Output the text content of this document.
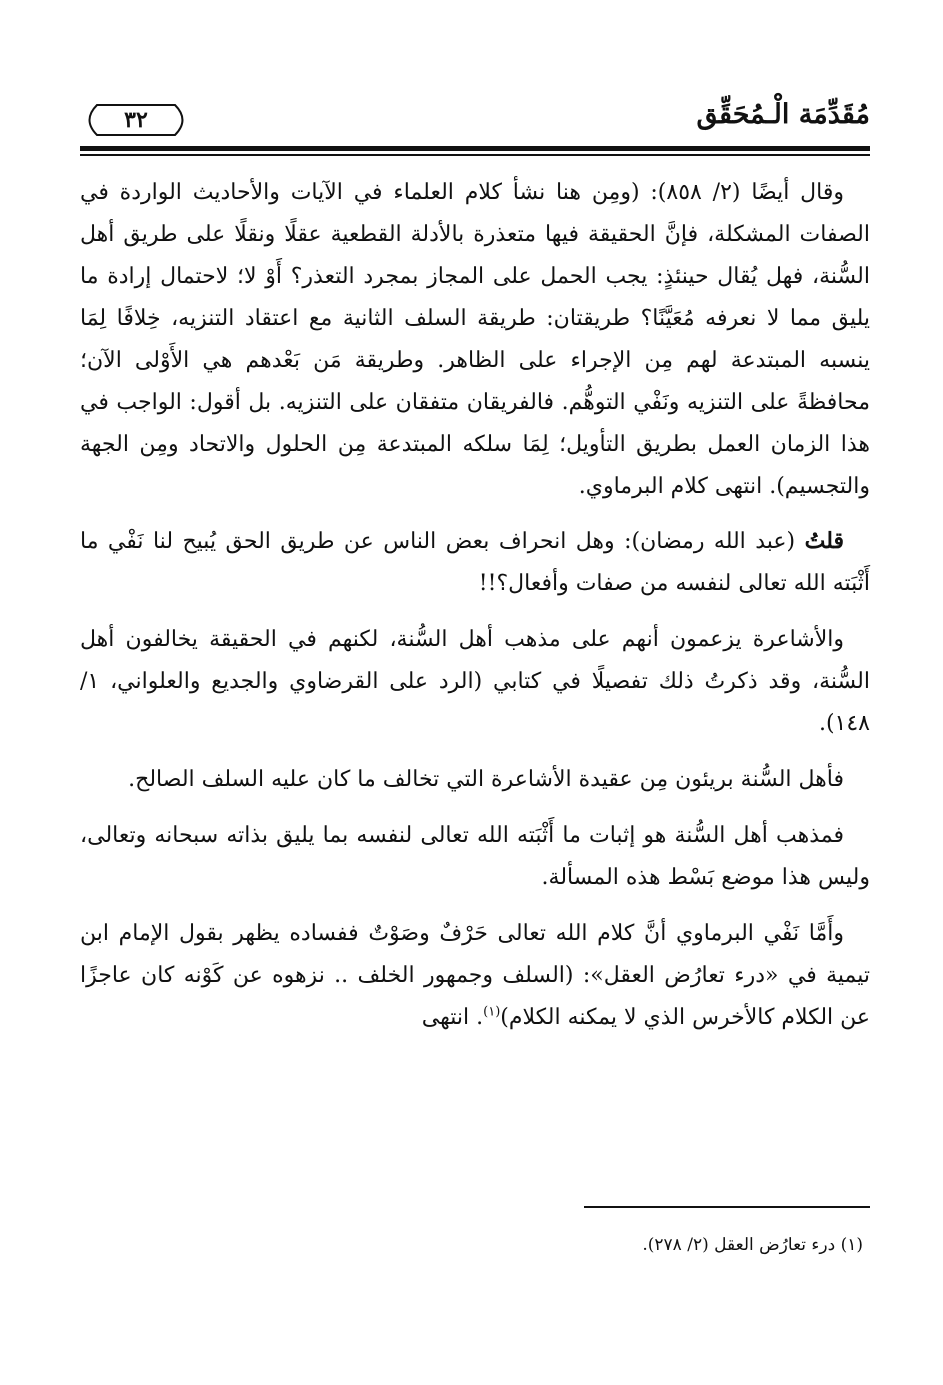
مُقَدِّمَة الْـمُحَقِّق
٣٢

وقال أيضًا (٢/ ٨٥٨): (ومِن هنا نشأ كلام العلماء في الآيات والأحاديث الواردة في الصفات المشكلة، فإنَّ الحقيقة فيها متعذرة بالأدلة القطعية عقلًا ونقلًا على طريق أهل السُّنة، فهل يُقال حينئذٍ: يجب الحمل على المجاز بمجرد التعذر؟ أَوْ لا؛ لاحتمال إرادة ما يليق مما لا نعرفه مُعَيَّنًا؟ طريقتان: طريقة السلف الثانية مع اعتقاد التنزيه، خِلافًا لِمَا ينسبه المبتدعة لهم مِن الإجراء على الظاهر. وطريقة مَن بَعْدهم هي الأَوْلى الآن؛ محافظةً على التنزيه ونَفْي التوهُّم. فالفريقان متفقان على التنزيه. بل أقول: الواجب في هذا الزمان العمل بطريق التأويل؛ لِمَا سلكه المبتدعة مِن الحلول والاتحاد ومِن الجهة والتجسيم). انتهى كلام البرماوي.

قلتُ (عبد الله رمضان): وهل انحراف بعض الناس عن طريق الحق يُبيح لنا نَفْي ما أَثْبَته الله تعالى لنفسه من صفات وأفعال؟!!

والأشاعرة يزعمون أنهم على مذهب أهل السُّنة، لكنهم في الحقيقة يخالفون أهل السُّنة، وقد ذكرتُ ذلك تفصيلًا في كتابي (الرد على القرضاوي والجديع والعلواني، ١/ ١٤٨).

فأهل السُّنة بريئون مِن عقيدة الأشاعرة التي تخالف ما كان عليه السلف الصالح.

فمذهب أهل السُّنة هو إثبات ما أَثْبَته الله تعالى لنفسه بما يليق بذاته سبحانه وتعالى، وليس هذا موضع بَسْط هذه المسألة.

وأَمَّا نَفْي البرماوي أنَّ كلام الله تعالى حَرْفٌ وصَوْتٌ ففساده يظهر بقول الإمام ابن تيمية في «درء تعارُض العقل»: (السلف وجمهور الخلف .. نزهوه عن كَوْنه كان عاجزًا عن الكلام كالأخرس الذي لا يمكنه الكلام)$^{(١)}$. انتهى

(١) درء تعارُض العقل (٢/ ٢٧٨).
